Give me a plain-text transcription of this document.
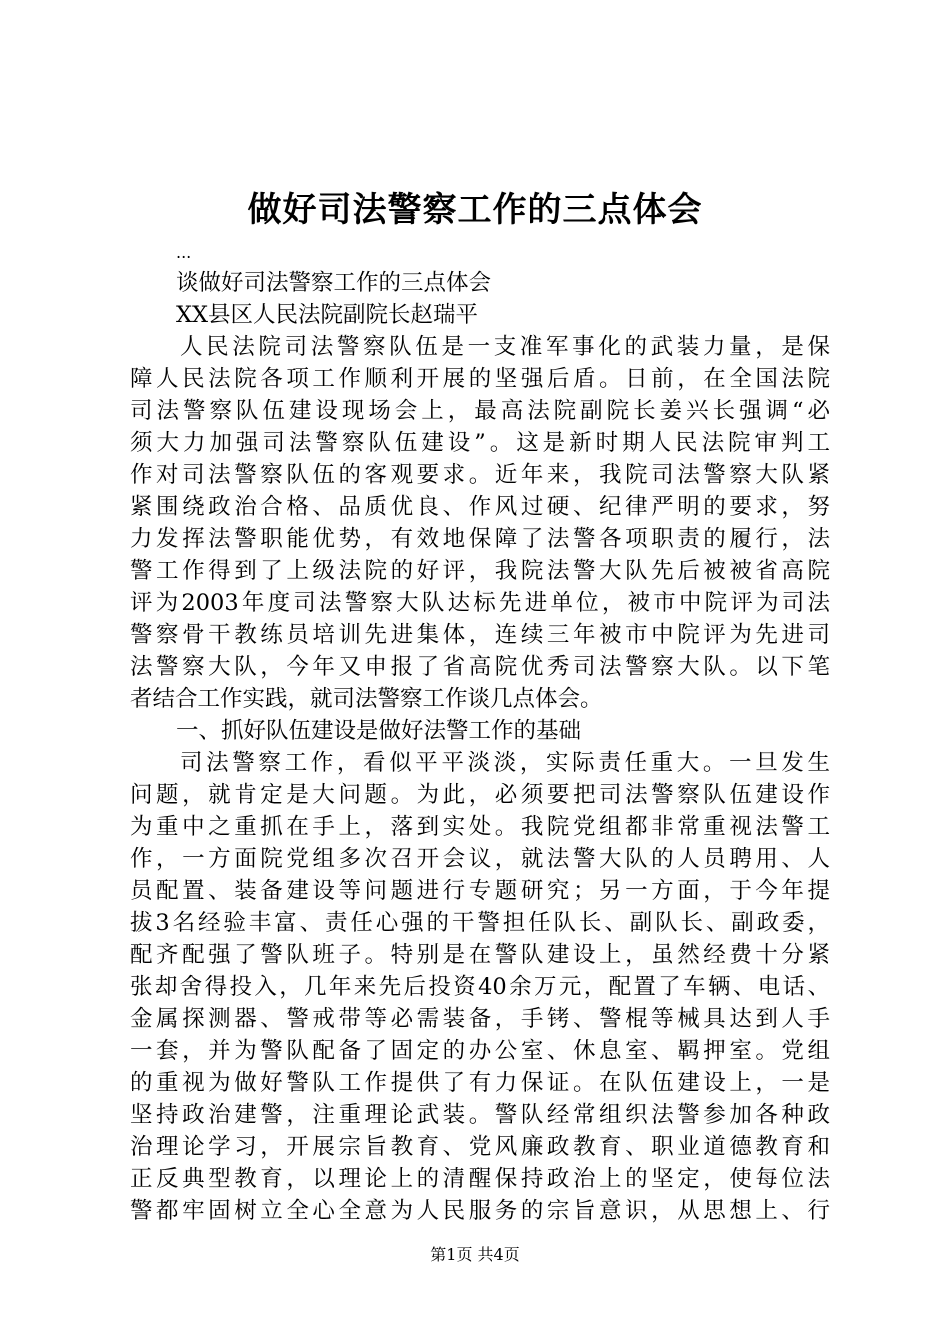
做好司法警察工作的三点体会
...
谈做好司法警察工作的三点体会
XX县区人民法院副院长赵瑞平
人民法院司法警察队伍是一支准军事化的武装力量，是保
障人民法院各项工作顺利开展的坚强后盾。日前，在全国法院
司法警察队伍建设现场会上，最高法院副院长姜兴长强调“必
须大力加强司法警察队伍建设”。这是新时期人民法院审判工
作对司法警察队伍的客观要求。近年来，我院司法警察大队紧
紧围绕政治合格、品质优良、作风过硬、纪律严明的要求，努
力发挥法警职能优势，有效地保障了法警各项职责的履行，法
警工作得到了上级法院的好评，我院法警大队先后被被省高院
评为2003年度司法警察大队达标先进单位，被市中院评为司法
警察骨干教练员培训先进集体，连续三年被市中院评为先进司
法警察大队，今年又申报了省高院优秀司法警察大队。以下笔
者结合工作实践，就司法警察工作谈几点体会。
一、抓好队伍建设是做好法警工作的基础
司法警察工作，看似平平淡淡，实际责任重大。一旦发生
问题，就肯定是大问题。为此，必须要把司法警察队伍建设作
为重中之重抓在手上，落到实处。我院党组都非常重视法警工
作，一方面院党组多次召开会议，就法警大队的人员聘用、人
员配置、装备建设等问题进行专题研究；另一方面，于今年提
拔3名经验丰富、责任心强的干警担任队长、副队长、副政委，
配齐配强了警队班子。特别是在警队建设上，虽然经费十分紧
张却舍得投入，几年来先后投资40余万元，配置了车辆、电话、
金属探测器、警戒带等必需装备，手铐、警棍等械具达到人手
一套，并为警队配备了固定的办公室、休息室、羁押室。党组
的重视为做好警队工作提供了有力保证。在队伍建设上，一是
坚持政治建警，注重理论武装。警队经常组织法警参加各种政
治理论学习，开展宗旨教育、党风廉政教育、职业道德教育和
正反典型教育，以理论上的清醒保持政治上的坚定，使每位法
警都牢固树立全心全意为人民服务的宗旨意识，从思想上、行
第1页 共4页
